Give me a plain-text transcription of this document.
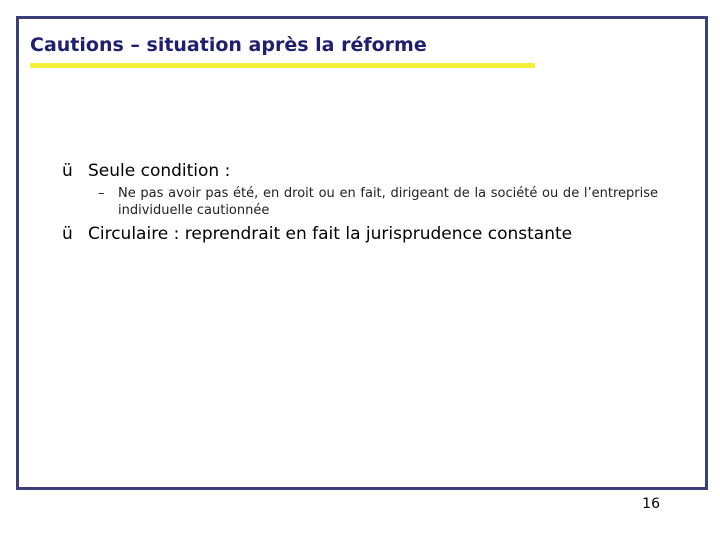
Cautions – situation après la réforme
ü Seule condition :
– Ne pas avoir pas été, en droit ou en fait, dirigeant de la société ou de l’entreprise individuelle cautionnée
ü Circulaire : reprendrait en fait la jurisprudence constante
16
